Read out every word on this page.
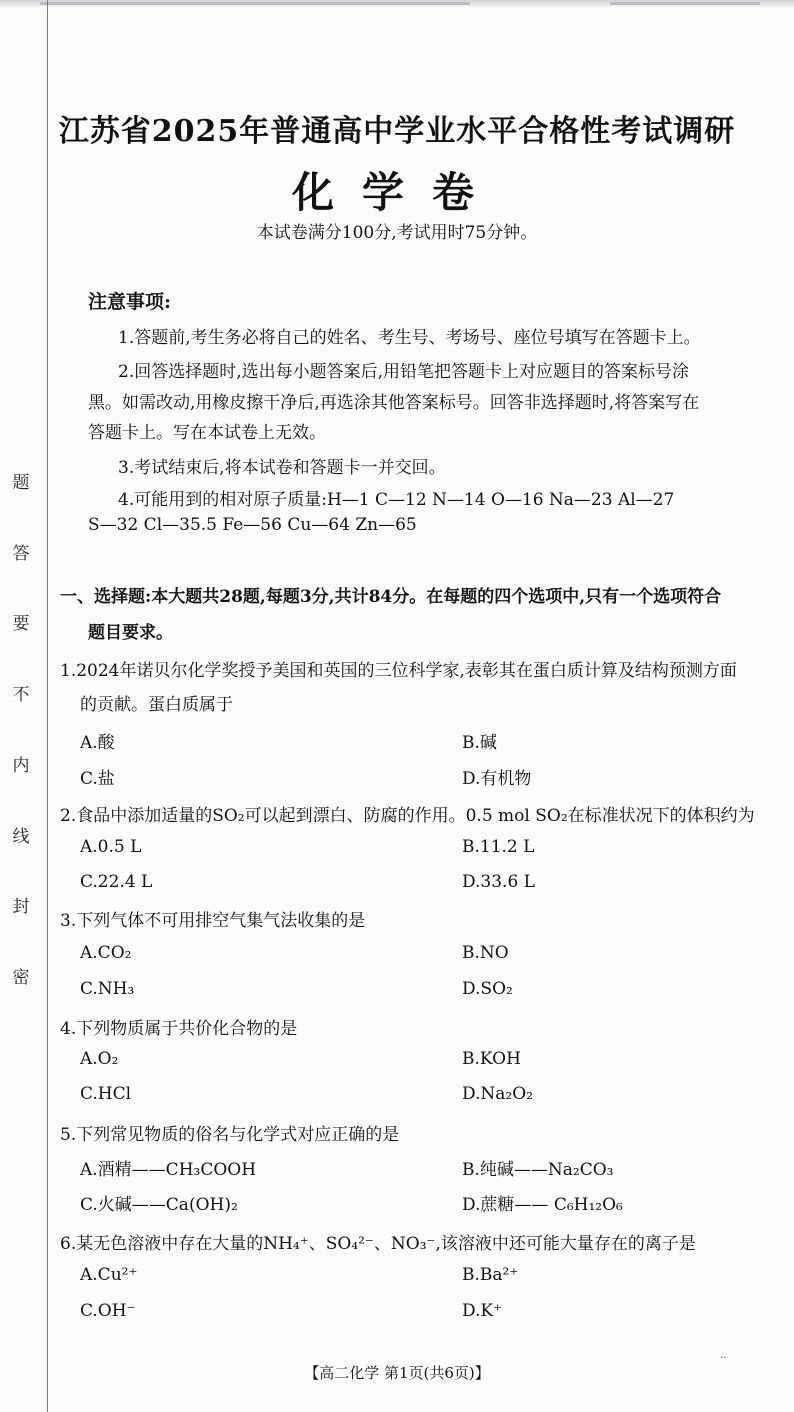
题
答
要
不
内
线
封
密
江苏省2025年普通高中学业水平合格性考试调研
化学卷
本试卷满分100分,考试用时75分钟。
注意事项:
1.答题前,考生务必将自己的姓名、考生号、考场号、座位号填写在答题卡上。
2.回答选择题时,选出每小题答案后,用铅笔把答题卡上对应题目的答案标号涂
黑。如需改动,用橡皮擦干净后,再选涂其他答案标号。回答非选择题时,将答案写在
答题卡上。写在本试卷上无效。
3.考试结束后,将本试卷和答题卡一并交回。
4.可能用到的相对原子质量:H—1 C—12 N—14 O—16 Na—23 Al—27
S—32 Cl—35.5 Fe—56 Cu—64 Zn—65
一、选择题:本大题共28题,每题3分,共计84分。在每题的四个选项中,只有一个选项符合
题目要求。
1.2024年诺贝尔化学奖授予美国和英国的三位科学家,表彰其在蛋白质计算及结构预测方面
的贡献。蛋白质属于
A.酸	B.碱
C.盐	D.有机物
2.食品中添加适量的SO₂可以起到漂白、防腐的作用。0.5 mol SO₂在标准状况下的体积约为
A.0.5 L	B.11.2 L
C.22.4 L	D.33.6 L
3.下列气体不可用排空气集气法收集的是
A.CO₂	B.NO
C.NH₃	D.SO₂
4.下列物质属于共价化合物的是
A.O₂	B.KOH
C.HCl	D.Na₂O₂
5.下列常见物质的俗名与化学式对应正确的是
A.酒精——CH₃COOH	B.纯碱——Na₂CO₃
C.火碱——Ca(OH)₂	D.蔗糖—— C₆H₁₂O₆
6.某无色溶液中存在大量的NH₄⁺、SO₄²⁻、NO₃⁻,该溶液中还可能大量存在的离子是
A.Cu²⁺	B.Ba²⁺
C.OH⁻	D.K⁺
【高二化学 第1页(共6页)】
..
